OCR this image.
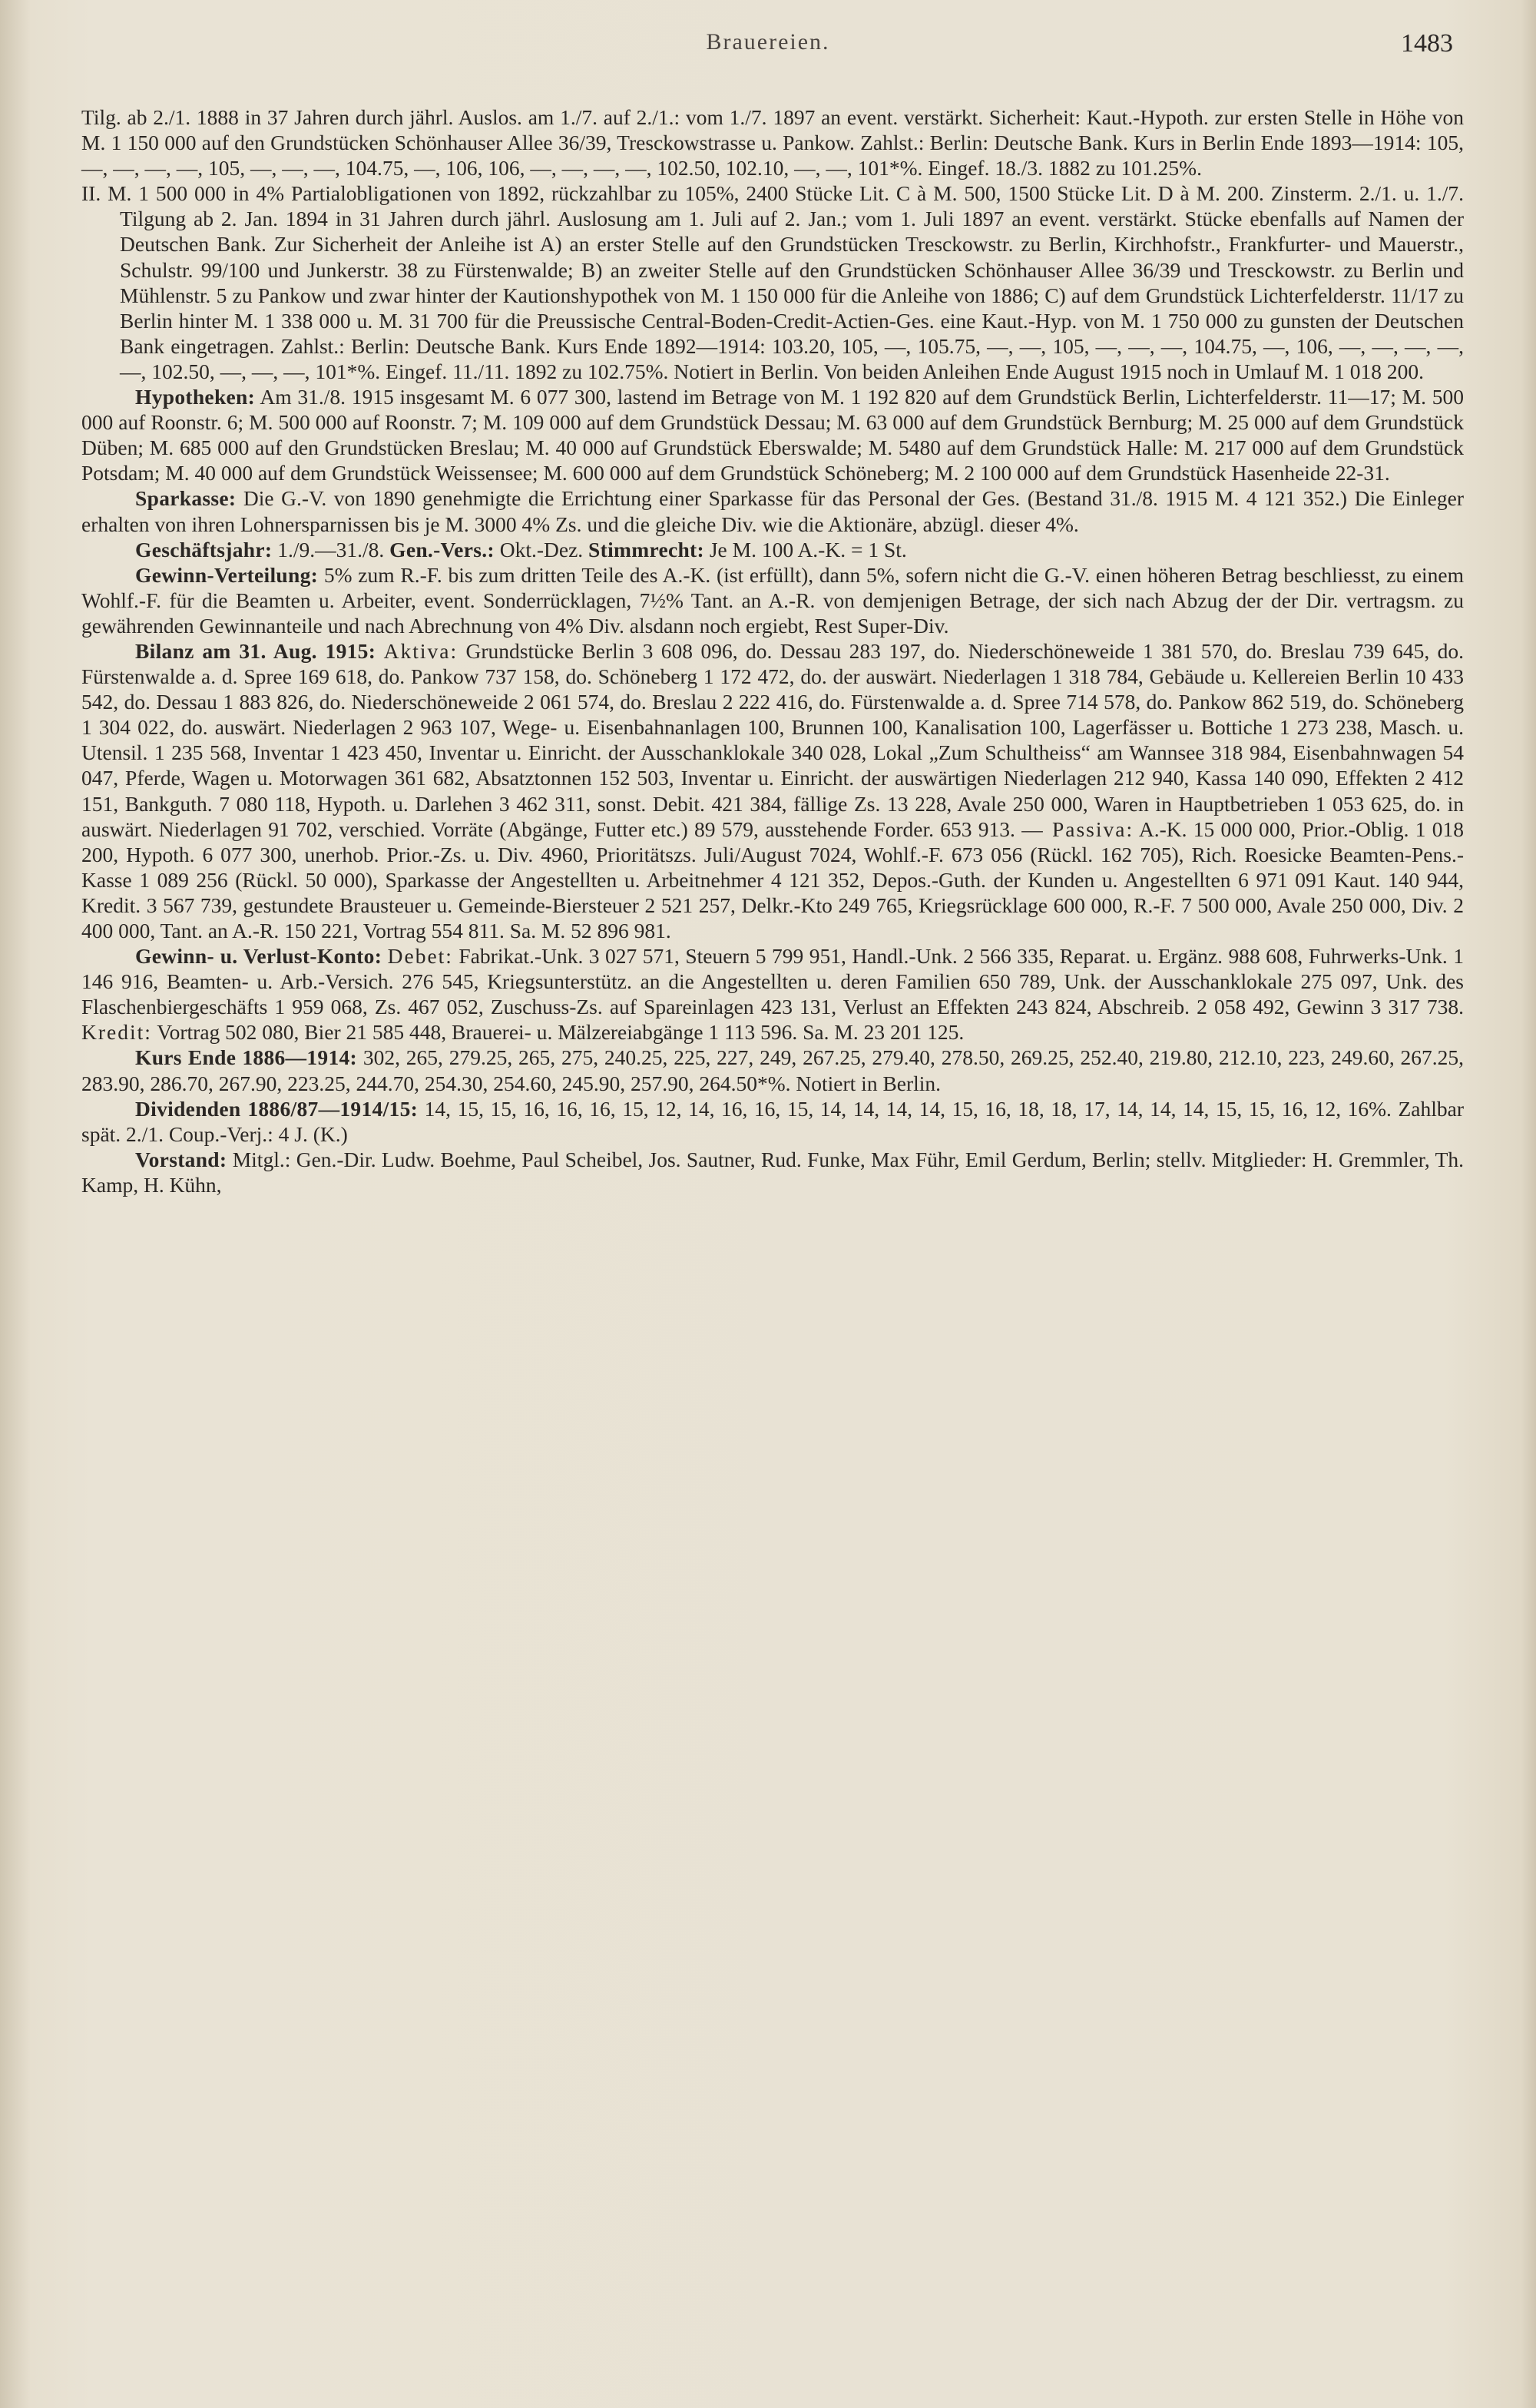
Brauereien.	1483

Tilg. ab 2./1. 1888 in 37 Jahren durch jährl. Auslos. am 1./7. auf 2./1.: vom 1./7. 1897 an event. verstärkt. Sicherheit: Kaut.-Hypoth. zur ersten Stelle in Höhe von M. 1 150 000 auf den Grundstücken Schönhauser Allee 36/39, Tresckowstrasse u. Pankow. Zahlst.: Berlin: Deutsche Bank. Kurs in Berlin Ende 1893—1914: 105, —, —, —, —, 105, —, —, —, 104.75, —, 106, 106, —, —, —, —, 102.50, 102.10, —, —, 101*%. Eingef. 18./3. 1882 zu 101.25%.

II. M. 1 500 000 in 4% Partialobligationen von 1892, rückzahlbar zu 105%, 2400 Stücke Lit. C à M. 500, 1500 Stücke Lit. D à M. 200. Zinsterm. 2./1. u. 1./7. Tilgung ab 2. Jan. 1894 in 31 Jahren durch jährl. Auslosung am 1. Juli auf 2. Jan.; vom 1. Juli 1897 an event. verstärkt. Stücke ebenfalls auf Namen der Deutschen Bank. Zur Sicherheit der Anleihe ist A) an erster Stelle auf den Grundstücken Tresckowstr. zu Berlin, Kirchhofstr., Frankfurter- und Mauerstr., Schulstr. 99/100 und Junkerstr. 38 zu Fürstenwalde; B) an zweiter Stelle auf den Grundstücken Schönhauser Allee 36/39 und Tresckowstr. zu Berlin und Mühlenstr. 5 zu Pankow und zwar hinter der Kautionshypothek von M. 1 150 000 für die Anleihe von 1886; C) auf dem Grundstück Lichterfelderstr. 11/17 zu Berlin hinter M. 1 338 000 u. M. 31 700 für die Preussische Central-Boden-Credit-Actien-Ges. eine Kaut.-Hyp. von M. 1 750 000 zu gunsten der Deutschen Bank eingetragen. Zahlst.: Berlin: Deutsche Bank. Kurs Ende 1892—1914: 103.20, 105, —, 105.75, —, —, 105, —, —, —, 104.75, —, 106, —, —, —, —, —, 102.50, —, —, —, 101*%. Eingef. 11./11. 1892 zu 102.75%. Notiert in Berlin. Von beiden Anleihen Ende August 1915 noch in Umlauf M. 1 018 200.

Hypotheken: Am 31./8. 1915 insgesamt M. 6 077 300, lastend im Betrage von M. 1 192 820 auf dem Grundstück Berlin, Lichterfelderstr. 11—17; M. 500 000 auf Roonstr. 6; M. 500 000 auf Roonstr. 7; M. 109 000 auf dem Grundstück Dessau; M. 63 000 auf dem Grundstück Bernburg; M. 25 000 auf dem Grundstück Düben; M. 685 000 auf den Grundstücken Breslau; M. 40 000 auf Grundstück Eberswalde; M. 5480 auf dem Grundstück Halle: M. 217 000 auf dem Grundstück Potsdam; M. 40 000 auf dem Grundstück Weissensee; M. 600 000 auf dem Grundstück Schöneberg; M. 2 100 000 auf dem Grundstück Hasenheide 22-31.

Sparkasse: Die G.-V. von 1890 genehmigte die Errichtung einer Sparkasse für das Personal der Ges. (Bestand 31./8. 1915 M. 4 121 352.) Die Einleger erhalten von ihren Lohnersparnissen bis je M. 3000 4% Zs. und die gleiche Div. wie die Aktionäre, abzügl. dieser 4%.

Geschäftsjahr: 1./9.—31./8. Gen.-Vers.: Okt.-Dez. Stimmrecht: Je M. 100 A.-K. = 1 St.

Gewinn-Verteilung: 5% zum R.-F. bis zum dritten Teile des A.-K. (ist erfüllt), dann 5%, sofern nicht die G.-V. einen höheren Betrag beschliesst, zu einem Wohlf.-F. für die Beamten u. Arbeiter, event. Sonderrücklagen, 7½% Tant. an A.-R. von demjenigen Betrage, der sich nach Abzug der der Dir. vertragsm. zu gewährenden Gewinnanteile und nach Abrechnung von 4% Div. alsdann noch ergiebt, Rest Super-Div.

Bilanz am 31. Aug. 1915: Aktiva: Grundstücke Berlin 3 608 096, do. Dessau 283 197, do. Niederschöneweide 1 381 570, do. Breslau 739 645, do. Fürstenwalde a. d. Spree 169 618, do. Pankow 737 158, do. Schöneberg 1 172 472, do. der auswärt. Niederlagen 1 318 784, Gebäude u. Kellereien Berlin 10 433 542, do. Dessau 1 883 826, do. Niederschöneweide 2 061 574, do. Breslau 2 222 416, do. Fürstenwalde a. d. Spree 714 578, do. Pankow 862 519, do. Schöneberg 1 304 022, do. auswärt. Niederlagen 2 963 107, Wege- u. Eisenbahnanlagen 100, Brunnen 100, Kanalisation 100, Lagerfässer u. Bottiche 1 273 238, Masch. u. Utensil. 1 235 568, Inventar 1 423 450, Inventar u. Einricht. der Ausschanklokale 340 028, Lokal „Zum Schultheiss“ am Wannsee 318 984, Eisenbahnwagen 54 047, Pferde, Wagen u. Motorwagen 361 682, Absatztonnen 152 503, Inventar u. Einricht. der auswärtigen Niederlagen 212 940, Kassa 140 090, Effekten 2 412 151, Bankguth. 7 080 118, Hypoth. u. Darlehen 3 462 311, sonst. Debit. 421 384, fällige Zs. 13 228, Avale 250 000, Waren in Hauptbetrieben 1 053 625, do. in auswärt. Niederlagen 91 702, verschied. Vorräte (Abgänge, Futter etc.) 89 579, ausstehende Forder. 653 913. — Passiva: A.-K. 15 000 000, Prior.-Oblig. 1 018 200, Hypoth. 6 077 300, unerhob. Prior.-Zs. u. Div. 4960, Prioritätszs. Juli/August 7024, Wohlf.-F. 673 056 (Rückl. 162 705), Rich. Roesicke Beamten-Pens.-Kasse 1 089 256 (Rückl. 50 000), Sparkasse der Angestellten u. Arbeitnehmer 4 121 352, Depos.-Guth. der Kunden u. Angestellten 6 971 091 Kaut. 140 944, Kredit. 3 567 739, gestundete Brausteuer u. Gemeinde-Biersteuer 2 521 257, Delkr.-Kto 249 765, Kriegsrücklage 600 000, R.-F. 7 500 000, Avale 250 000, Div. 2 400 000, Tant. an A.-R. 150 221, Vortrag 554 811. Sa. M. 52 896 981.

Gewinn- u. Verlust-Konto: Debet: Fabrikat.-Unk. 3 027 571, Steuern 5 799 951, Handl.-Unk. 2 566 335, Reparat. u. Ergänz. 988 608, Fuhrwerks-Unk. 1 146 916, Beamten- u. Arb.-Versich. 276 545, Kriegsunterstütz. an die Angestellten u. deren Familien 650 789, Unk. der Ausschanklokale 275 097, Unk. des Flaschenbiergeschäfts 1 959 068, Zs. 467 052, Zuschuss-Zs. auf Spareinlagen 423 131, Verlust an Effekten 243 824, Abschreib. 2 058 492, Gewinn 3 317 738. Kredit: Vortrag 502 080, Bier 21 585 448, Brauerei- u. Mälzereiabgänge 1 113 596. Sa. M. 23 201 125.

Kurs Ende 1886—1914: 302, 265, 279.25, 265, 275, 240.25, 225, 227, 249, 267.25, 279.40, 278.50, 269.25, 252.40, 219.80, 212.10, 223, 249.60, 267.25, 283.90, 286.70, 267.90, 223.25, 244.70, 254.30, 254.60, 245.90, 257.90, 264.50*%. Notiert in Berlin.

Dividenden 1886/87—1914/15: 14, 15, 15, 16, 16, 16, 15, 12, 14, 16, 16, 15, 14, 14, 14, 14, 15, 16, 18, 18, 17, 14, 14, 14, 15, 15, 16, 12, 16%. Zahlbar spät. 2./1. Coup.-Verj.: 4 J. (K.)

Vorstand: Mitgl.: Gen.-Dir. Ludw. Boehme, Paul Scheibel, Jos. Sautner, Rud. Funke, Max Führ, Emil Gerdum, Berlin; stellv. Mitglieder: H. Gremmler, Th. Kamp, H. Kühn,
